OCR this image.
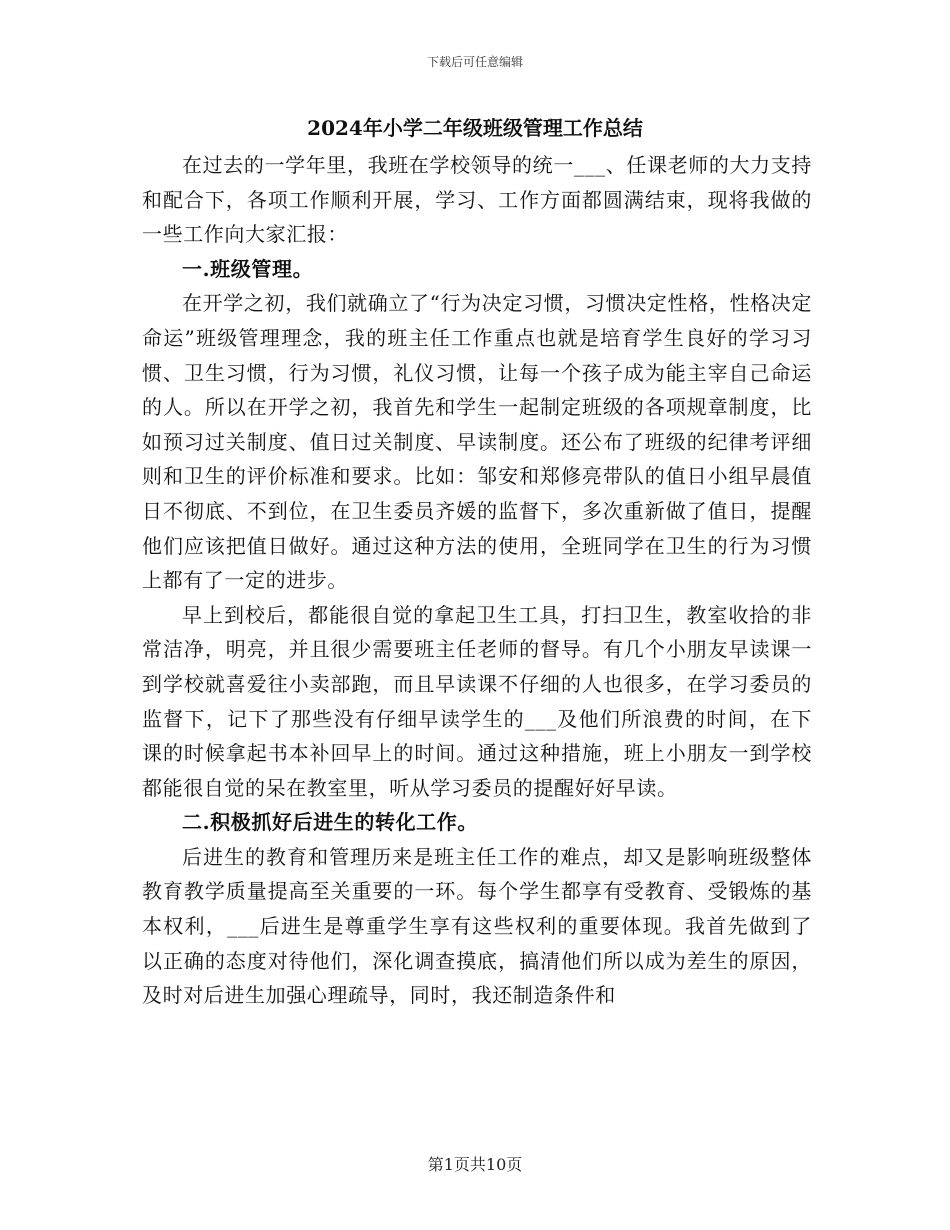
下载后可任意编辑
2024年小学二年级班级管理工作总结

在过去的一学年里，我班在学校领导的统一___、任课老师的大力支持和配合下，各项工作顺利开展，学习、工作方面都圆满结束，现将我做的一些工作向大家汇报：

一.班级管理。

在开学之初，我们就确立了“行为决定习惯，习惯决定性格，性格决定命运”班级管理理念，我的班主任工作重点也就是培育学生良好的学习习惯、卫生习惯，行为习惯，礼仪习惯，让每一个孩子成为能主宰自己命运的人。所以在开学之初，我首先和学生一起制定班级的各项规章制度，比如预习过关制度、值日过关制度、早读制度。还公布了班级的纪律考评细则和卫生的评价标准和要求。比如：邹安和郑修亮带队的值日小组早晨值日不彻底、不到位，在卫生委员齐媛的监督下，多次重新做了值日，提醒他们应该把值日做好。通过这种方法的使用，全班同学在卫生的行为习惯上都有了一定的进步。

早上到校后，都能很自觉的拿起卫生工具，打扫卫生，教室收拾的非常洁净，明亮，并且很少需要班主任老师的督导。有几个小朋友早读课一到学校就喜爱往小卖部跑，而且早读课不仔细的人也很多，在学习委员的监督下，记下了那些没有仔细早读学生的___及他们所浪费的时间，在下课的时候拿起书本补回早上的时间。通过这种措施，班上小朋友一到学校都能很自觉的呆在教室里，听从学习委员的提醒好好早读。

二.积极抓好后进生的转化工作。

后进生的教育和管理历来是班主任工作的难点，却又是影响班级整体教育教学质量提高至关重要的一环。每个学生都享有受教育、受锻炼的基本权利，___后进生是尊重学生享有这些权利的重要体现。我首先做到了以正确的态度对待他们，深化调查摸底，搞清他们所以成为差生的原因，及时对后进生加强心理疏导，同时，我还制造条件和

第1页共10页
